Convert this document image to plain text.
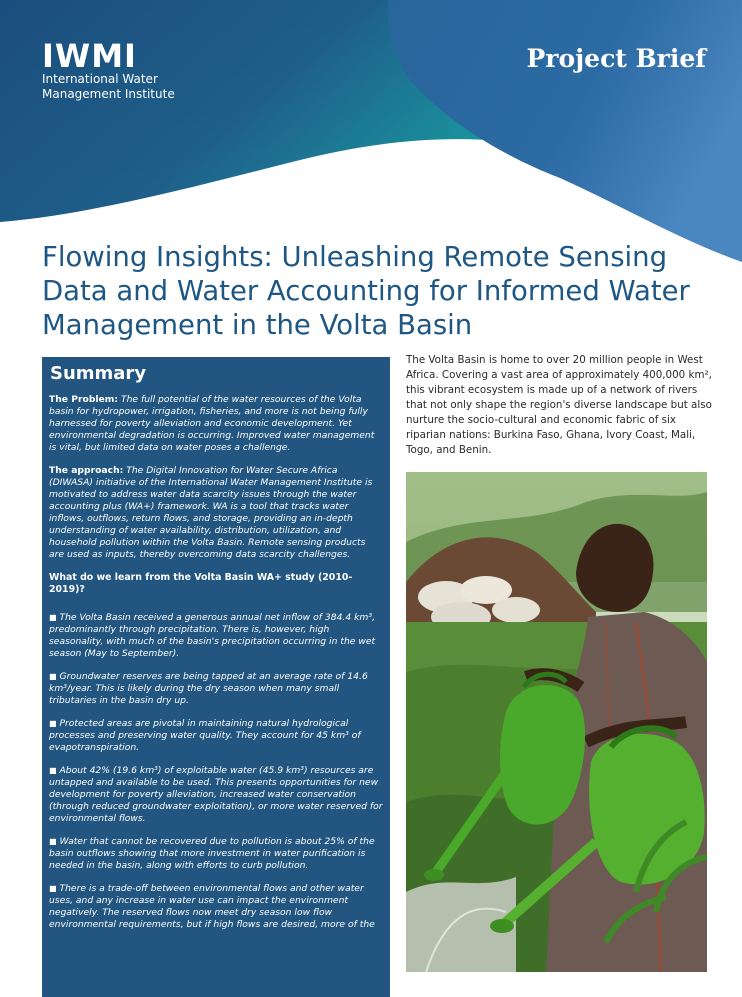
IWMI
International Water
Management Institute
Project Brief
Flowing Insights: Unleashing Remote Sensing Data and Water Accounting for Informed Water Management in the Volta Basin
Summary

The Problem: The full potential of the water resources of the Volta basin for hydropower, irrigation, fisheries, and more is not being fully harnessed for poverty alleviation and economic development. Yet environmental degradation is occurring. Improved water management is vital, but limited data on water poses a challenge.

The approach: The Digital Innovation for Water Secure Africa (DIWASA) initiative of the International Water Management Institute is motivated to address water data scarcity issues through the water accounting plus (WA+) framework. WA is a tool that tracks water inflows, outflows, return flows, and storage, providing an in-depth understanding of water availability, distribution, utilization, and household pollution within the Volta Basin. Remote sensing products are used as inputs, thereby overcoming data scarcity challenges.

What do we learn from the Volta Basin WA+ study (2010-2019)?

■ The Volta Basin received a generous annual net inflow of 384.4 km³, predominantly through precipitation. There is, however, high seasonality, with much of the basin's precipitation occurring in the wet season (May to September).

■ Groundwater reserves are being tapped at an average rate of 14.6 km³/year. This is likely during the dry season when many small tributaries in the basin dry up.

■ Protected areas are pivotal in maintaining natural hydrological processes and preserving water quality. They account for 45 km³ of evapotranspiration.

■ About 42% (19.6 km³) of exploitable water (45.9 km³) resources are untapped and available to be used. This presents opportunities for new development for poverty alleviation, increased water conservation (through reduced groundwater exploitation), or more water reserved for environmental flows.

■ Water that cannot be recovered due to pollution is about 25% of the basin outflows showing that more investment in water purification is needed in the basin, along with efforts to curb pollution.

■ There is a trade-off between environmental flows and other water uses, and any increase in water use can impact the environment negatively. The reserved flows now meet dry season low flow environmental requirements, but if high flows are desired, more of the

The Volta Basin is home to over 20 million people in West Africa. Covering a vast area of approximately 400,000 km², this vibrant ecosystem is made up of a network of rivers that not only shape the region's diverse landscape but also nurture the socio-cultural and economic fabric of six riparian nations: Burkina Faso, Ghana, Ivory Coast, Mali, Togo, and Benin.
